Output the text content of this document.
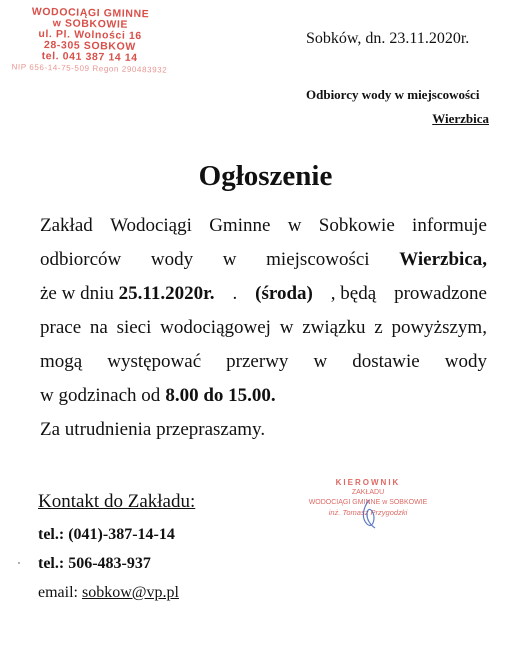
WODOCIĄGI GMINNE
w SOBKOWIE
ul. Pl. Wolności 16
28-305 SOBKÓW
tel. 041 387 14 14
NIP 656-14-75-509 Regon 290483932
Sobków, dn. 23.11.2020r.
Odbiorcy wody w miejscowości
Wierzbica
Ogłoszenie
Zakład Wodociągi Gminne w Sobkowie informuje
odbiorców wody w miejscowości Wierzbica,
że w dniu 25.11.2020r. . (środa) , będą prowadzone
prace na sieci wodociągowej w związku z powyższym,
mogą występować przerwy w dostawie wody
w godzinach od 8.00 do 15.00.
Za utrudnienia przepraszamy.
Kontakt do Zakładu:
tel.: (041)-387-14-14
tel.: 506-483-937
email: sobkow@vp.pl
KIEROWNIK
ZAKŁADU
WODOCIĄGI GMINNE w SOBKOWIE
inż. Tomasz Przygodzki
